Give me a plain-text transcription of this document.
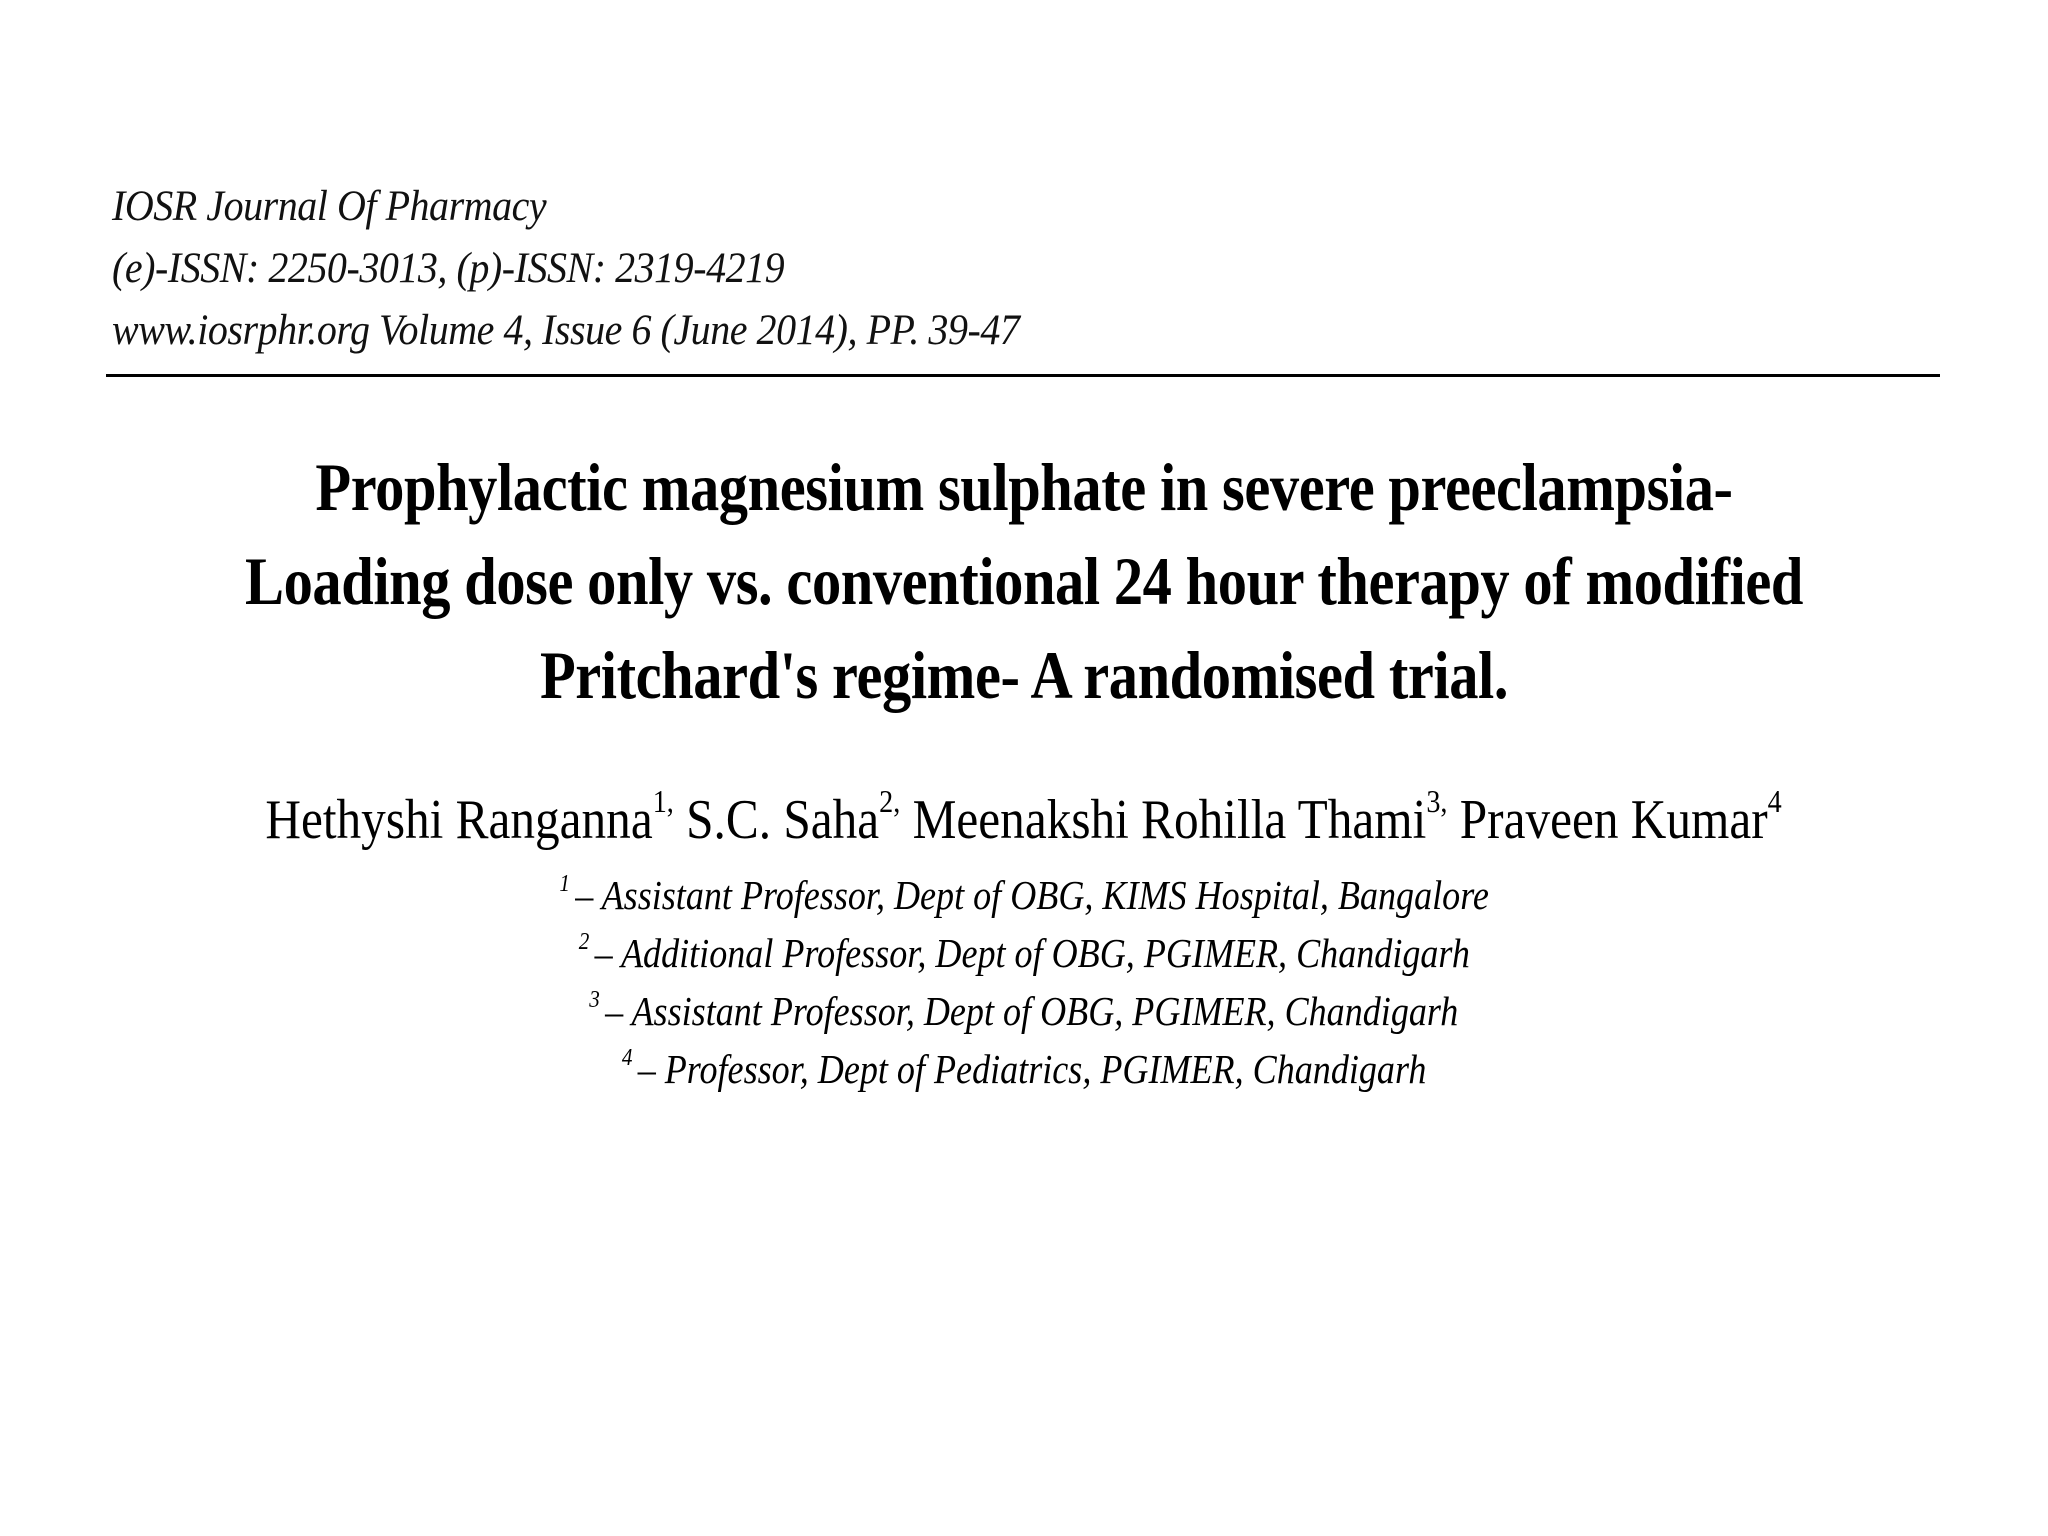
IOSR Journal Of Pharmacy
(e)-ISSN: 2250-3013, (p)-ISSN: 2319-4219
www.iosrphr.org Volume 4, Issue 6 (June 2014), PP. 39-47
Prophylactic magnesium sulphate in severe preeclampsia-
Loading dose only vs. conventional 24 hour therapy of modified
Pritchard's regime- A randomised trial.
Hethyshi Ranganna$^{1,}$ S.C. Saha$^{2,}$ Meenakshi Rohilla Thami$^{3,}$ Praveen Kumar$^4$
$^1$ – Assistant Professor, Dept of OBG, KIMS Hospital, Bangalore
$^2$ – Additional Professor, Dept of OBG, PGIMER, Chandigarh
$^3$ – Assistant Professor, Dept of OBG, PGIMER, Chandigarh
$^4$ – Professor, Dept of Pediatrics, PGIMER, Chandigarh
